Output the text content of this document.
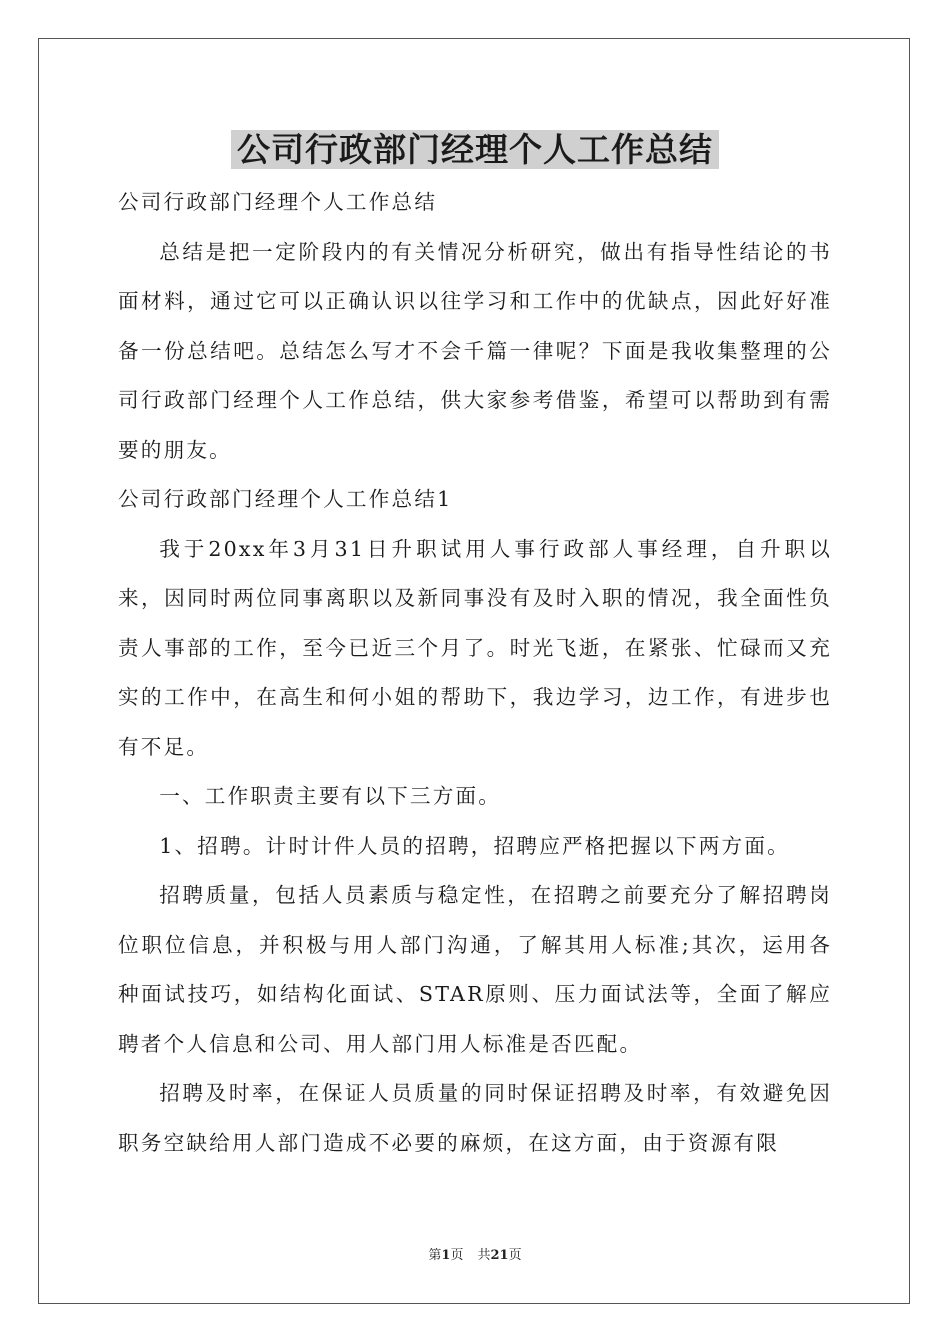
公司行政部门经理个人工作总结

公司行政部门经理个人工作总结

总结是把一定阶段内的有关情况分析研究，做出有指导性结论的书面材料，通过它可以正确认识以往学习和工作中的优缺点，因此好好准备一份总结吧。总结怎么写才不会千篇一律呢？下面是我收集整理的公司行政部门经理个人工作总结，供大家参考借鉴，希望可以帮助到有需要的朋友。

公司行政部门经理个人工作总结1

我于20xx年3月31日升职试用人事行政部人事经理，自升职以来，因同时两位同事离职以及新同事没有及时入职的情况，我全面性负责人事部的工作，至今已近三个月了。时光飞逝，在紧张、忙碌而又充实的工作中，在高生和何小姐的帮助下，我边学习，边工作，有进步也有不足。

一、工作职责主要有以下三方面。

1、招聘。计时计件人员的招聘，招聘应严格把握以下两方面。

招聘质量，包括人员素质与稳定性，在招聘之前要充分了解招聘岗位职位信息，并积极与用人部门沟通，了解其用人标准;其次，运用各种面试技巧，如结构化面试、STAR原则、压力面试法等，全面了解应聘者个人信息和公司、用人部门用人标准是否匹配。

招聘及时率，在保证人员质量的同时保证招聘及时率，有效避免因职务空缺给用人部门造成不必要的麻烦，在这方面，由于资源有限

第1页 共21页
